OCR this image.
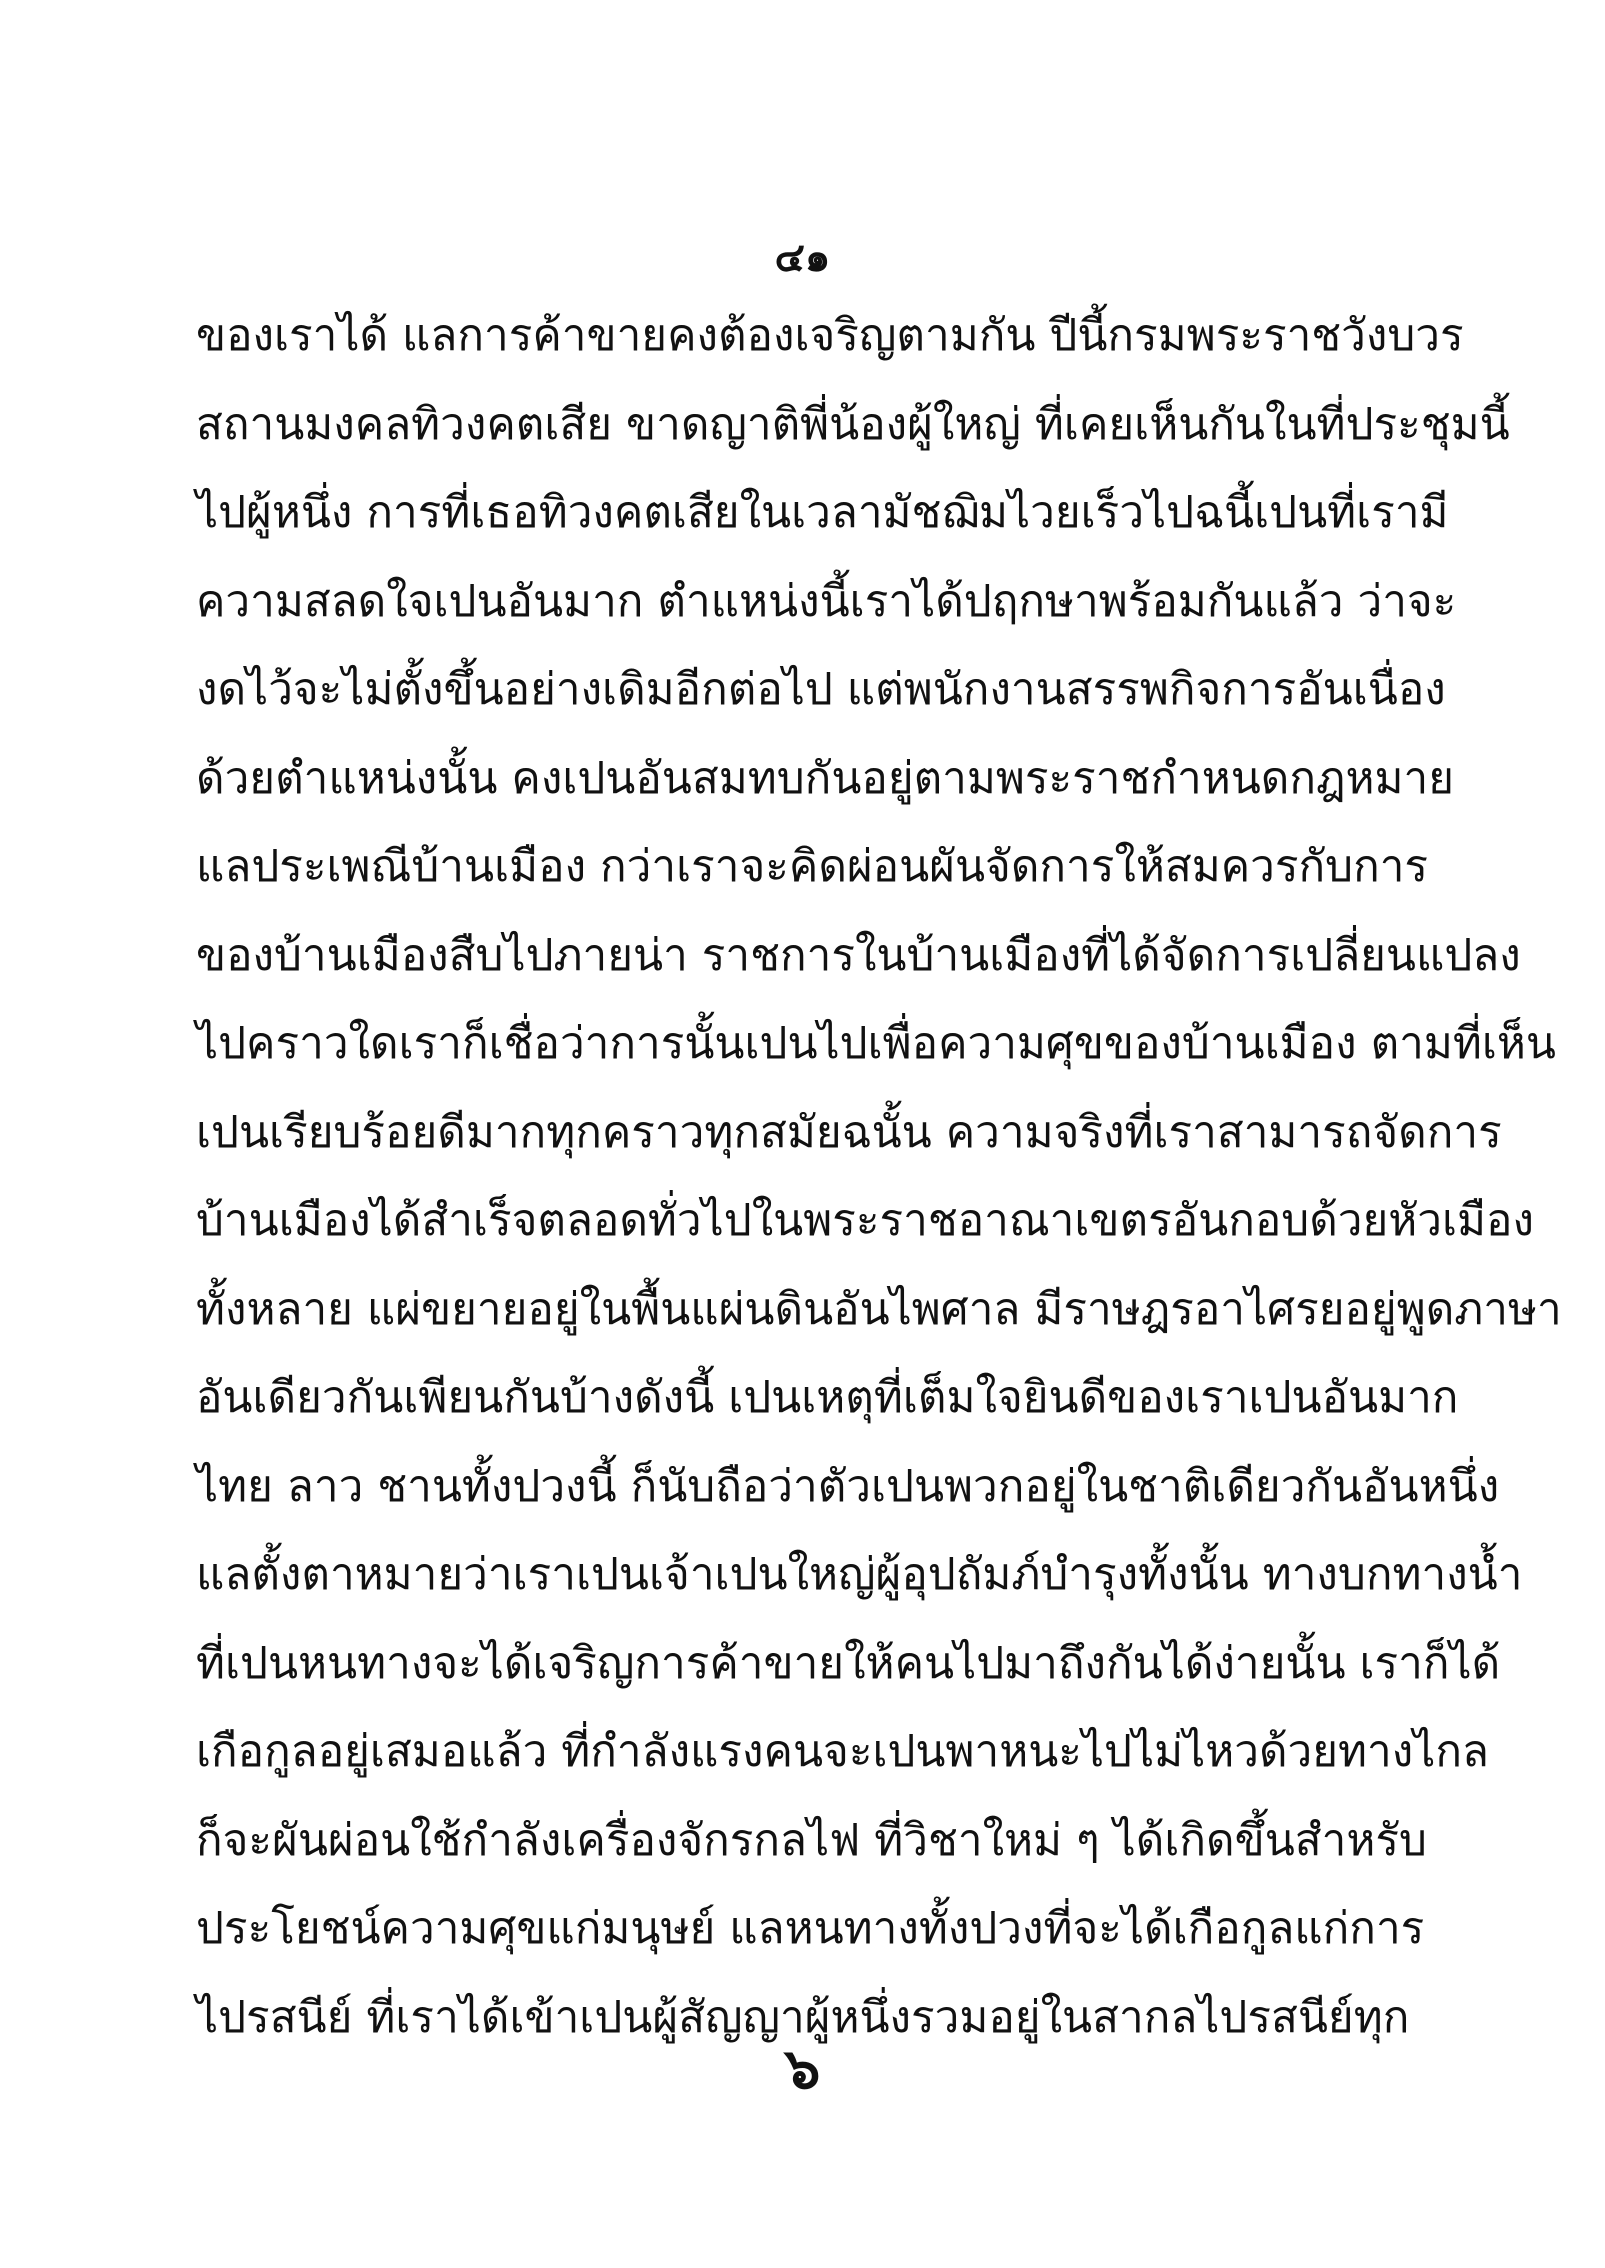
๔๑
ของเราได้ แลการค้าขายคงต้องเจริญตามกัน ปีนี้กรมพระราชวังบวร
สถานมงคลทิวงคตเสีย ขาดญาติพี่น้องผู้ใหญ่ ที่เคยเห็นกันในที่ประชุมนี้
ไปผู้หนึ่ง การที่เธอทิวงคตเสียในเวลามัชฌิมไวยเร็วไปฉนี้เปนที่เรามี
ความสลดใจเปนอันมาก ตำแหน่งนี้เราได้ปฤกษาพร้อมกันแล้ว ว่าจะ
งดไว้จะไม่ตั้งขึ้นอย่างเดิมอีกต่อไป แต่พนักงานสรรพกิจการอันเนื่อง
ด้วยตำแหน่งนั้น คงเปนอันสมทบกันอยู่ตามพระราชกำหนดกฎหมาย
แลประเพณีบ้านเมือง กว่าเราจะคิดผ่อนผันจัดการให้สมควรกับการ
ของบ้านเมืองสืบไปภายน่า ราชการในบ้านเมืองที่ได้จัดการเปลี่ยนแปลง
ไปคราวใดเราก็เชื่อว่าการนั้นเปนไปเพื่อความศุขของบ้านเมือง ตามที่เห็น
เปนเรียบร้อยดีมากทุกคราวทุกสมัยฉนั้น ความจริงที่เราสามารถจัดการ
บ้านเมืองได้สำเร็จตลอดทั่วไปในพระราชอาณาเขตรอันกอบด้วยหัวเมือง
ทั้งหลาย แผ่ขยายอยู่ในพื้นแผ่นดินอันไพศาล มีราษฎรอาไศรยอยู่พูดภาษา
อันเดียวกันเพียนกันบ้างดังนี้ เปนเหตุที่เต็มใจยินดีของเราเปนอันมาก
ไทย ลาว ชานทั้งปวงนี้ ก็นับถือว่าตัวเปนพวกอยู่ในชาติเดียวกันอันหนึ่ง
แลตั้งตาหมายว่าเราเปนเจ้าเปนใหญ่ผู้อุปถัมภ์บำรุงทั้งนั้น ทางบกทางน้ำ
ที่เปนหนทางจะได้เจริญการค้าขายให้คนไปมาถึงกันได้ง่ายนั้น เราก็ได้
เกือกูลอยู่เสมอแล้ว ที่กำลังแรงคนจะเปนพาหนะไปไม่ไหวด้วยทางไกล
ก็จะผันผ่อนใช้กำลังเครื่องจักรกลไฟ ที่วิชาใหม่ ๆ ได้เกิดขึ้นสำหรับ
ประโยชน์ความศุขแก่มนุษย์ แลหนทางทั้งปวงที่จะได้เกือกูลแก่การ
ไปรสนีย์ ที่เราได้เข้าเปนผู้สัญญาผู้หนึ่งรวมอยู่ในสากลไปรสนีย์ทุก
๖
